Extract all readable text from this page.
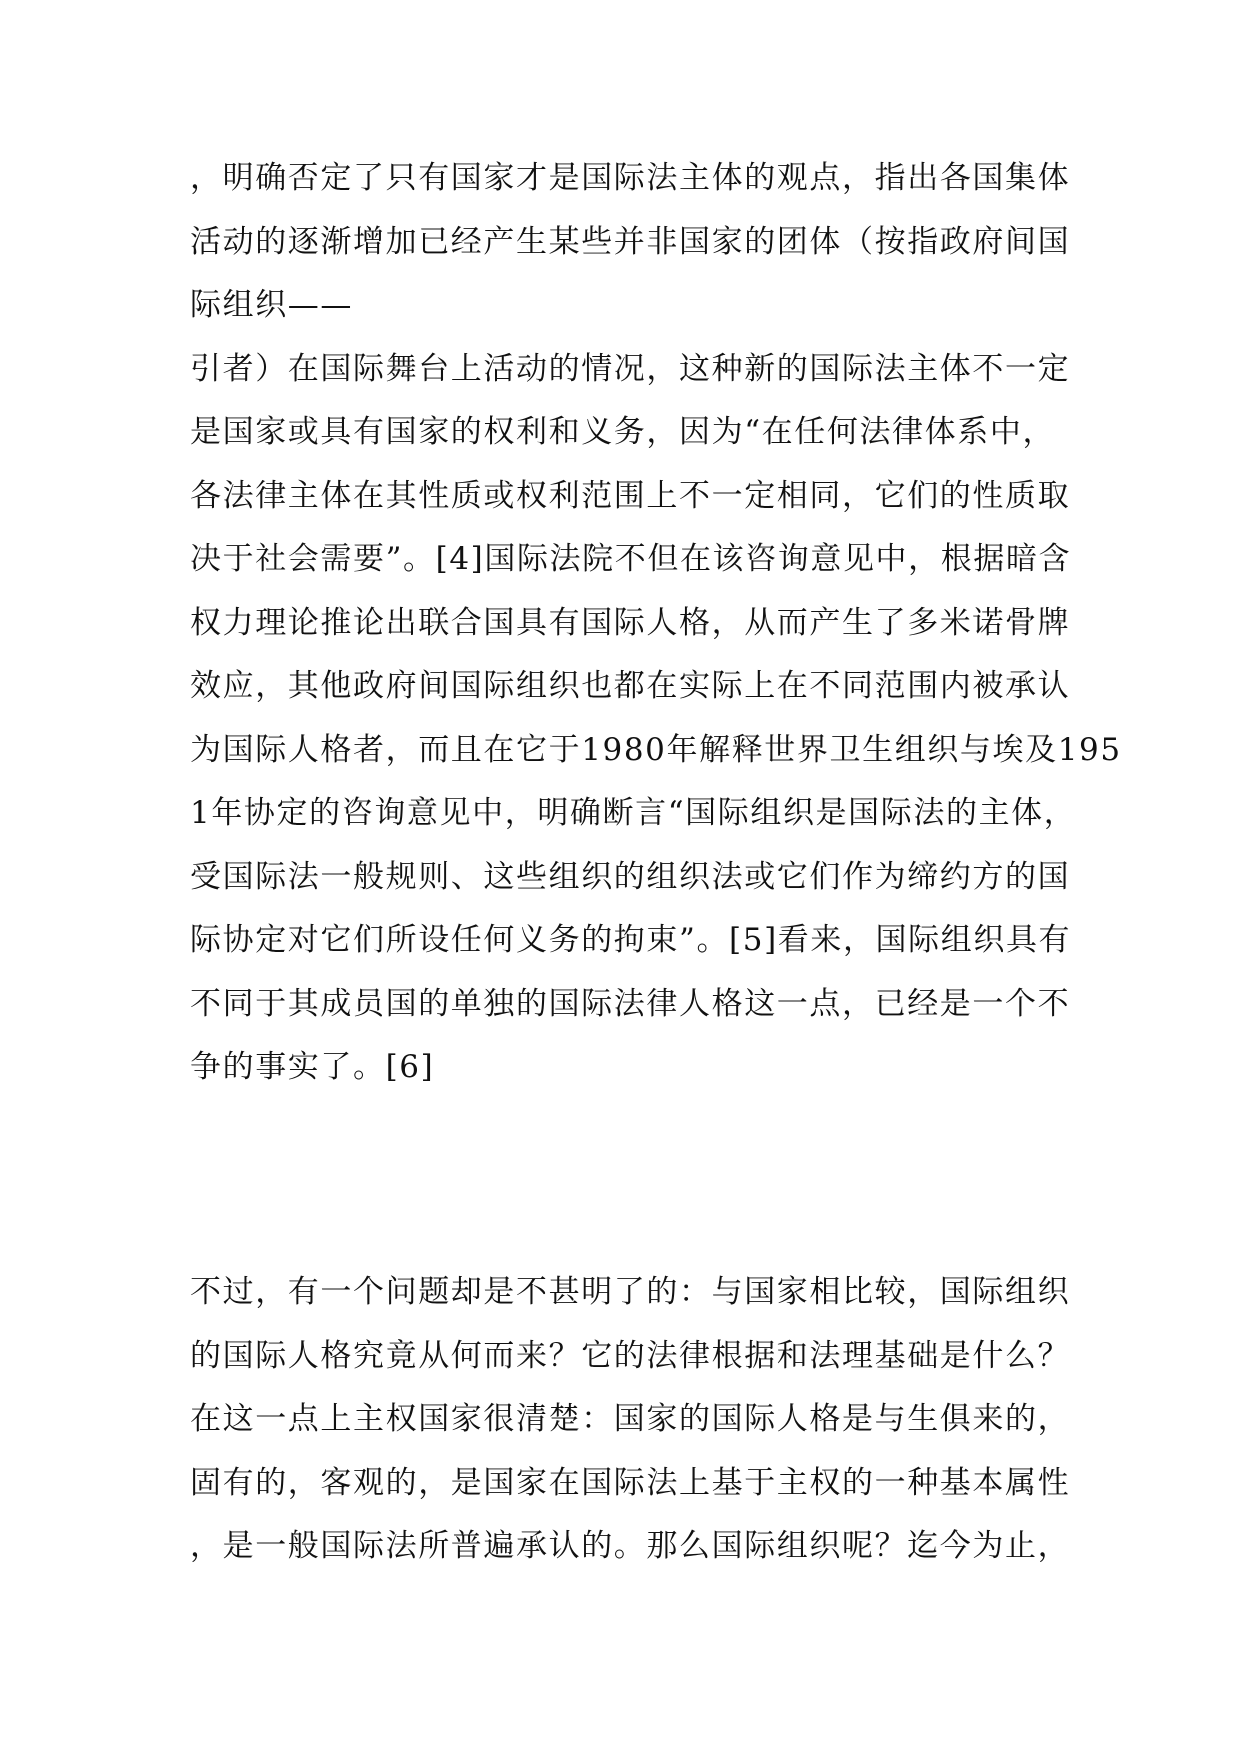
，明确否定了只有国家才是国际法主体的观点，指出各国集体
活动的逐渐增加已经产生某些并非国家的团体（按指政府间国
际组织——
引者）在国际舞台上活动的情况，这种新的国际法主体不一定
是国家或具有国家的权利和义务，因为“在任何法律体系中，
各法律主体在其性质或权利范围上不一定相同，它们的性质取
决于社会需要”。[4]国际法院不但在该咨询意见中，根据暗含
权力理论推论出联合国具有国际人格，从而产生了多米诺骨牌
效应，其他政府间国际组织也都在实际上在不同范围内被承认
为国际人格者，而且在它于1980年解释世界卫生组织与埃及195
1年协定的咨询意见中，明确断言“国际组织是国际法的主体，
受国际法一般规则、这些组织的组织法或它们作为缔约方的国
际协定对它们所设任何义务的拘束”。[5]看来，国际组织具有
不同于其成员国的单独的国际法律人格这一点，已经是一个不
争的事实了。[6]
不过，有一个问题却是不甚明了的：与国家相比较，国际组织
的国际人格究竟从何而来？它的法律根据和法理基础是什么？
在这一点上主权国家很清楚：国家的国际人格是与生俱来的，
固有的，客观的，是国家在国际法上基于主权的一种基本属性
，是一般国际法所普遍承认的。那么国际组织呢？迄今为止，
